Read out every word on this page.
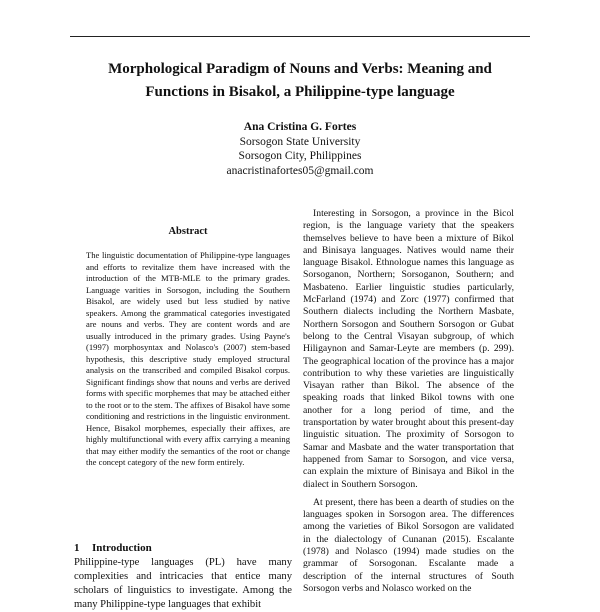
Morphological Paradigm of Nouns and Verbs: Meaning and
Functions in Bisakol, a Philippine-type language
Ana Cristina G. Fortes
Sorsogon State University
Sorsogon City, Philippines
anacristinafortes05@gmail.com
Abstract

The linguistic documentation of Philippine-type languages and efforts to revitalize them have increased with the introduction of the MTB-MLE to the primary grades. Language varities in Sorsogon, including the Southern Bisakol, are widely used but less studied by native speakers. Among the grammatical categories investigated are nouns and verbs. They are content words and are usually introduced in the primary grades. Using Payne's (1997) morphosyntax and Nolasco's (2007) stem-based hypothesis, this descriptive study employed structural analysis on the transcribed and compiled Bisakol corpus. Significant findings show that nouns and verbs are derived forms with specific morphemes that may be attached either to the root or to the stem. The affixes of Bisakol have some conditioning and restrictions in the linguistic environment. Hence, Bisakol morphemes, especially their affixes, are highly multifunctional with every affix carrying a meaning that may either modify the semantics of the root or change the concept category of the new form entirely.

1 Introduction

Philippine-type languages (PL) have many complexities and intricacies that entice many scholars of linguistics to investigate. Among the many Philippine-type languages that exhibit

Interesting in Sorsogon, a province in the Bicol region, is the language variety that the speakers themselves believe to have been a mixture of Bikol and Binisaya languages. Natives would name their language Bisakol. Ethnologue names this language as Sorsoganon, Northern; Sorsoganon, Southern; and Masbateno. Earlier linguistic studies particularly, McFarland (1974) and Zorc (1977) confirmed that Southern dialects including the Northern Masbate, Northern Sorsogon and Southern Sorsogon or Gubat belong to the Central Visayan subgroup, of which Hiligaynon and Samar-Leyte are members (p. 299). The geographical location of the province has a major contribution to why these varieties are linguistically Visayan rather than Bikol. The absence of the speaking roads that linked Bikol towns with one another for a long period of time, and the transportation by water brought about this present-day linguistic situation. The proximity of Sorsogon to Samar and Masbate and the water transportation that happened from Samar to Sorsogon, and vice versa, can explain the mixture of Binisaya and Bikol in the dialect in Southern Sorsogon.

At present, there has been a dearth of studies on the languages spoken in Sorsogon area. The differences among the varieties of Bikol Sorsogon are validated in the dialectology of Cunanan (2015). Escalante (1978) and Nolasco (1994) made studies on the grammar of Sorsogonan. Escalante made a description of the internal structures of South Sorsogon verbs and Nolasco worked on the
